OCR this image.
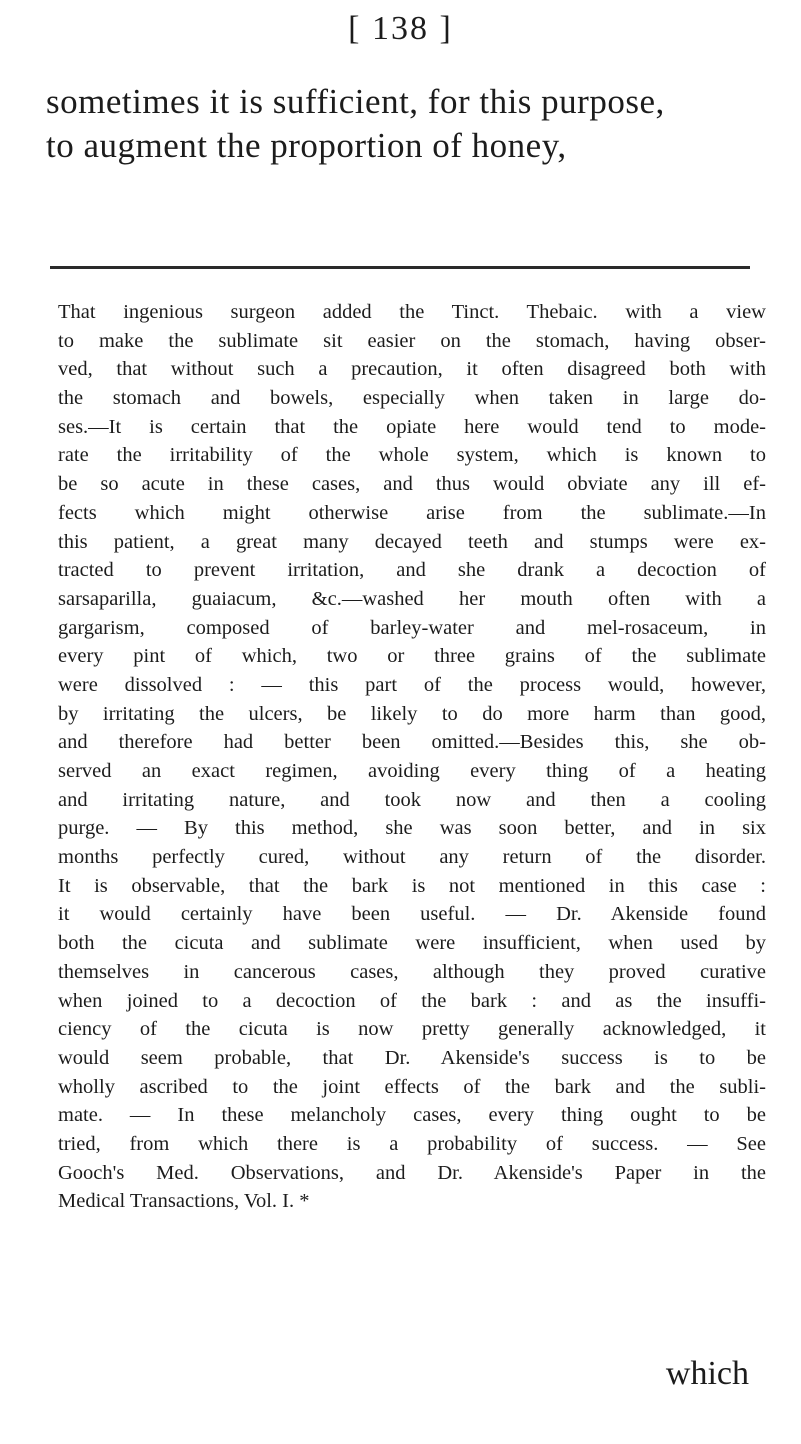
[ 138 ]
sometimes it is sufficient, for this purpose,
to augment the proportion of honey,
That ingenious surgeon added the Tinct. Thebaic. with a view
to make the sublimate sit easier on the stomach, having obser-
ved, that without such a precaution, it often disagreed both with
the stomach and bowels, especially when taken in large do-
ses.—It is certain that the opiate here would tend to mode-
rate the irritability of the whole system, which is known to
be so acute in these cases, and thus would obviate any ill ef-
fects which might otherwise arise from the sublimate.—In
this patient, a great many decayed teeth and stumps were ex-
tracted to prevent irritation, and she drank a decoction of
sarsaparilla, guaiacum, &c.—washed her mouth often with a
gargarism, composed of barley-water and mel-rosaceum, in
every pint of which, two or three grains of the sublimate
were dissolved : — this part of the process would, however,
by irritating the ulcers, be likely to do more harm than good,
and therefore had better been omitted.—Besides this, she ob-
served an exact regimen, avoiding every thing of a heating
and irritating nature, and took now and then a cooling
purge. — By this method, she was soon better, and in six
months perfectly cured, without any return of the disorder.
It is observable, that the bark is not mentioned in this case :
it would certainly have been useful. — Dr. Akenside found
both the cicuta and sublimate were insufficient, when used by
themselves in cancerous cases, although they proved curative
when joined to a decoction of the bark : and as the insuffi-
ciency of the cicuta is now pretty generally acknowledged, it
would seem probable, that Dr. Akenside's success is to be
wholly ascribed to the joint effects of the bark and the subli-
mate. — In these melancholy cases, every thing ought to be
tried, from which there is a probability of success. — See
Gooch's Med. Observations, and Dr. Akenside's Paper in the
Medical Transactions, Vol. I. *
which
